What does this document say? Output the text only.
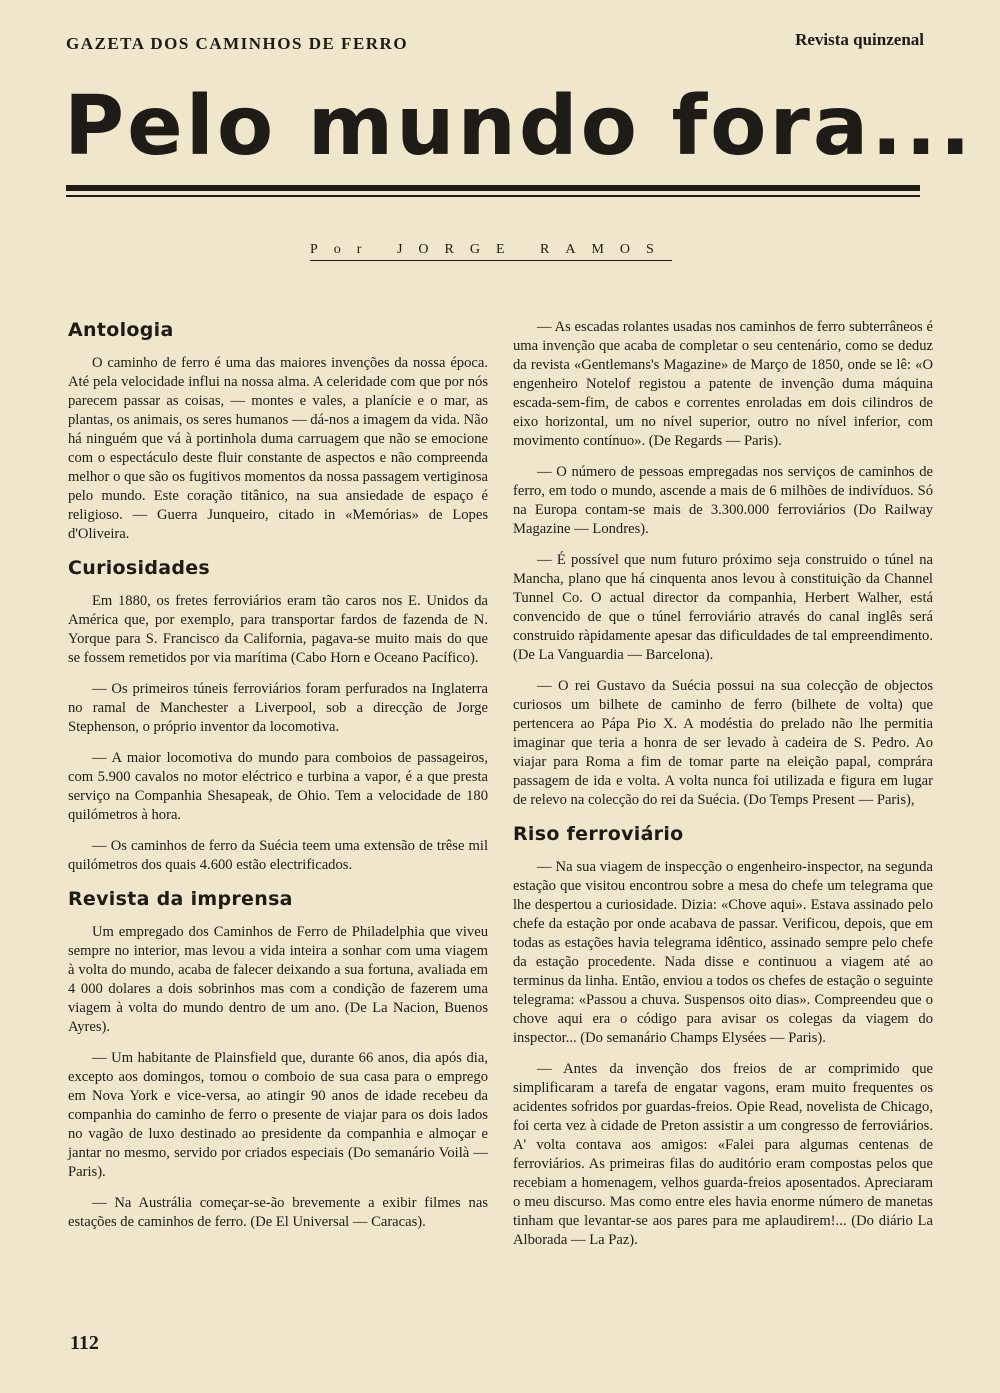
GAZETA DOS CAMINHOS DE FERRO	Revista quinzenal
Pelo mundo fora...
Por JORGE RAMOS
Antologia

O caminho de ferro é uma das maiores invenções da nossa época. Até pela velocidade influi na nossa alma. A celeridade com que por nós parecem passar as coisas, — montes e vales, a planície e o mar, as plantas, os animais, os seres humanos — dá-nos a imagem da vida. Não há ninguém que vá à portinhola duma carruagem que não se emocione com o espectáculo deste fluir constante de aspectos e não compreenda melhor o que são os fugitivos momentos da nossa passagem vertiginosa pelo mundo. Este coração titânico, na sua ansiedade de espaço é religioso. — Guerra Junqueiro, citado in «Memórias» de Lopes d'Oliveira.

Curiosidades

Em 1880, os fretes ferroviários eram tão caros nos E. Unidos da América que, por exemplo, para transportar fardos de fazenda de N. Yorque para S. Francisco da California, pagava-se muito mais do que se fossem remetidos por via marítima (Cabo Horn e Oceano Pacífico).

— Os primeiros túneis ferroviários foram perfurados na Inglaterra no ramal de Manchester a Liverpool, sob a direcção de Jorge Stephenson, o próprio inventor da locomotiva.

— A maior locomotiva do mundo para comboios de passageiros, com 5.900 cavalos no motor eléctrico e turbina a vapor, é a que presta serviço na Companhia Shesapeak, de Ohio. Tem a velocidade de 180 quilómetros à hora.

— Os caminhos de ferro da Suécia teem uma extensão de trêse mil quilómetros dos quais 4.600 estão electrificados.

Revista da imprensa

Um empregado dos Caminhos de Ferro de Philadelphia que viveu sempre no interior, mas levou a vida inteira a sonhar com uma viagem à volta do mundo, acaba de falecer deixando a sua fortuna, avaliada em 4 000 dolares a dois sobrinhos mas com a condição de fazerem uma viagem à volta do mundo dentro de um ano. (De La Nacion, Buenos Ayres).

— Um habitante de Plainsfield que, durante 66 anos, dia após dia, excepto aos domingos, tomou o comboio de sua casa para o emprego em Nova York e vice-versa, ao atingir 90 anos de idade recebeu da companhia do caminho de ferro o presente de viajar para os dois lados no vagão de luxo destinado ao presidente da companhia e almoçar e jantar no mesmo, servido por criados especiais (Do semanário Voilà — Paris).

— Na Austrália começar-se-ão brevemente a exibir filmes nas estações de caminhos de ferro. (De El Universal — Caracas).

— As escadas rolantes usadas nos caminhos de ferro subterrâneos é uma invenção que acaba de completar o seu centenário, como se deduz da revista «Gentlemans's Magazine» de Março de 1850, onde se lê: «O engenheiro Notelof registou a patente de invenção duma máquina escada-sem-fim, de cabos e correntes enroladas em dois cilindros de eixo horizontal, um no nível superior, outro no nível inferior, com movimento contínuo». (De Regards — Paris).

— O número de pessoas empregadas nos serviços de caminhos de ferro, em todo o mundo, ascende a mais de 6 milhões de indivíduos. Só na Europa contam-se mais de 3.300.000 ferroviários (Do Railway Magazine — Londres).

— É possível que num futuro próximo seja construido o túnel na Mancha, plano que há cinquenta anos levou à constituição da Channel Tunnel Co. O actual director da companhia, Herbert Walher, está convencido de que o túnel ferroviário através do canal inglês será construido ràpidamente apesar das dificuldades de tal empreendimento. (De La Vanguardia — Barcelona).

— O rei Gustavo da Suécia possui na sua colecção de objectos curiosos um bilhete de caminho de ferro (bilhete de volta) que pertencera ao Pápa Pio X. A modéstia do prelado não lhe permitia imaginar que teria a honra de ser levado à cadeira de S. Pedro. Ao viajar para Roma a fim de tomar parte na eleição papal, comprára passagem de ida e volta. A volta nunca foi utilizada e figura em lugar de relevo na colecção do rei da Suécia. (Do Temps Present — Paris),

Riso ferroviário

— Na sua viagem de inspecção o engenheiro-inspector, na segunda estação que visitou encontrou sobre a mesa do chefe um telegrama que lhe despertou a curiosidade. Dizia: «Chove aqui». Estava assinado pelo chefe da estação por onde acabava de passar. Verificou, depois, que em todas as estações havia telegrama idêntico, assinado sempre pelo chefe da estação procedente. Nada disse e continuou a viagem até ao terminus da linha. Então, enviou a todos os chefes de estação o seguinte telegrama: «Passou a chuva. Suspensos oito dias». Compreendeu que o chove aqui era o código para avisar os colegas da viagem do inspector... (Do semanário Champs Elysées — Paris).

— Antes da invenção dos freios de ar comprimido que simplificaram a tarefa de engatar vagons, eram muito frequentes os acidentes sofridos por guardas-freios. Opie Read, novelista de Chicago, foi certa vez à cidade de Preton assistir a um congresso de ferroviários. A' volta contava aos amigos: «Falei para algumas centenas de ferroviários. As primeiras filas do auditório eram compostas pelos que recebiam a homenagem, velhos guarda-freios aposentados. Apreciaram o meu discurso. Mas como entre eles havia enorme número de manetas tinham que levantar-se aos pares para me aplaudirem!... (Do diário La Alborada — La Paz).

112
